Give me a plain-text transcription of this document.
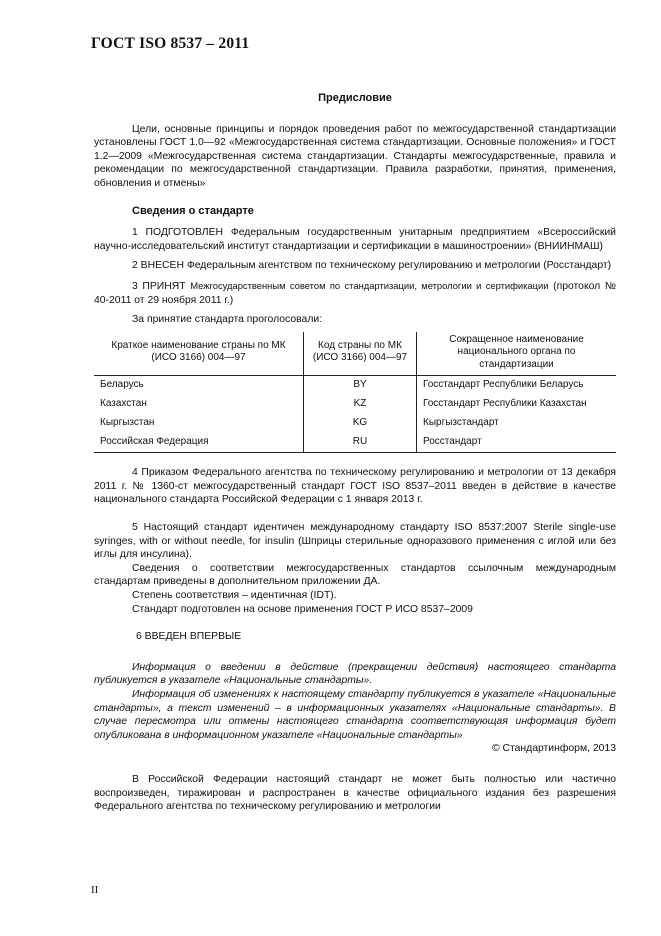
ГОСТ ISO 8537 – 2011
Предисловие

Цели, основные принципы и порядок проведения работ по межгосударственной стандартизации установлены ГОСТ 1.0—92 «Межгосударственная система стандартизации. Основные положения» и ГОСТ 1.2—2009 «Межгосударственная система стандартизации. Стандарты межгосударственные, правила и рекомендации по межгосударственной стандартизации. Правила разработки, принятия, применения, обновления и отмены»

Сведения о стандарте

1 ПОДГОТОВЛЕН Федеральным государственным унитарным предприятием «Всероссийский научно-исследовательский институт стандартизации и сертификации в машиностроении» (ВНИИНМАШ)

2 ВНЕСЕН Федеральным агентством по техническому регулированию и метрологии (Росстандарт)

3 ПРИНЯТ Межгосударственным советом по стандартизации, метрологии и сертификации (протокол № 40-2011 от 29 ноября 2011 г.)

За принятие стандарта проголосовали:

Краткое наименование страны по МК (ИСО 3166) 004—97	Код страны по МК (ИСО 3166) 004—97	Сокращенное наименование национального органа по стандартизации
Беларусь	BY	Госстандарт Республики Беларусь
Казахстан	KZ	Госстандарт Республики Казахстан
Кыргызстан	KG	Кыргызстандарт
Российская Федерация	RU	Росстандарт

4 Приказом Федерального агентства по техническому регулированию и метрологии от 13 декабря 2011 г. № 1360-ст межгосударственный стандарт ГОСТ ISO 8537–2011 введен в действие в качестве национального стандарта Российской Федерации с 1 января 2013 г.

5 Настоящий стандарт идентичен международному стандарту ISO 8537:2007 Sterile single-use syringes, with or without needle, for insulin (Шприцы стерильные одноразового применения с иглой или без иглы для инсулина).

Сведения о соответствии межгосударственных стандартов ссылочным международным стандартам приведены в дополнительном приложении ДА.

Степень соответствия – идентичная (IDT).

Стандарт подготовлен на основе применения ГОСТ Р ИСО 8537–2009

6 ВВЕДЕН ВПЕРВЫЕ

Информация о введении в действие (прекращении действия) настоящего стандарта публикуется в указателе «Национальные стандарты».

Информация об изменениях к настоящему стандарту публикуется в указателе «Национальные стандарты», а текст изменений – в информационных указателях «Национальные стандарты». В случае пересмотра или отмены настоящего стандарта соответствующая информация будет опубликована в информационном указателе «Национальные стандарты»

© Стандартинформ, 2013

В Российской Федерации настоящий стандарт не может быть полностью или частично воспроизведен, тиражирован и распространен в качестве официального издания без разрешения Федерального агентства по техническому регулированию и метрологии

II
